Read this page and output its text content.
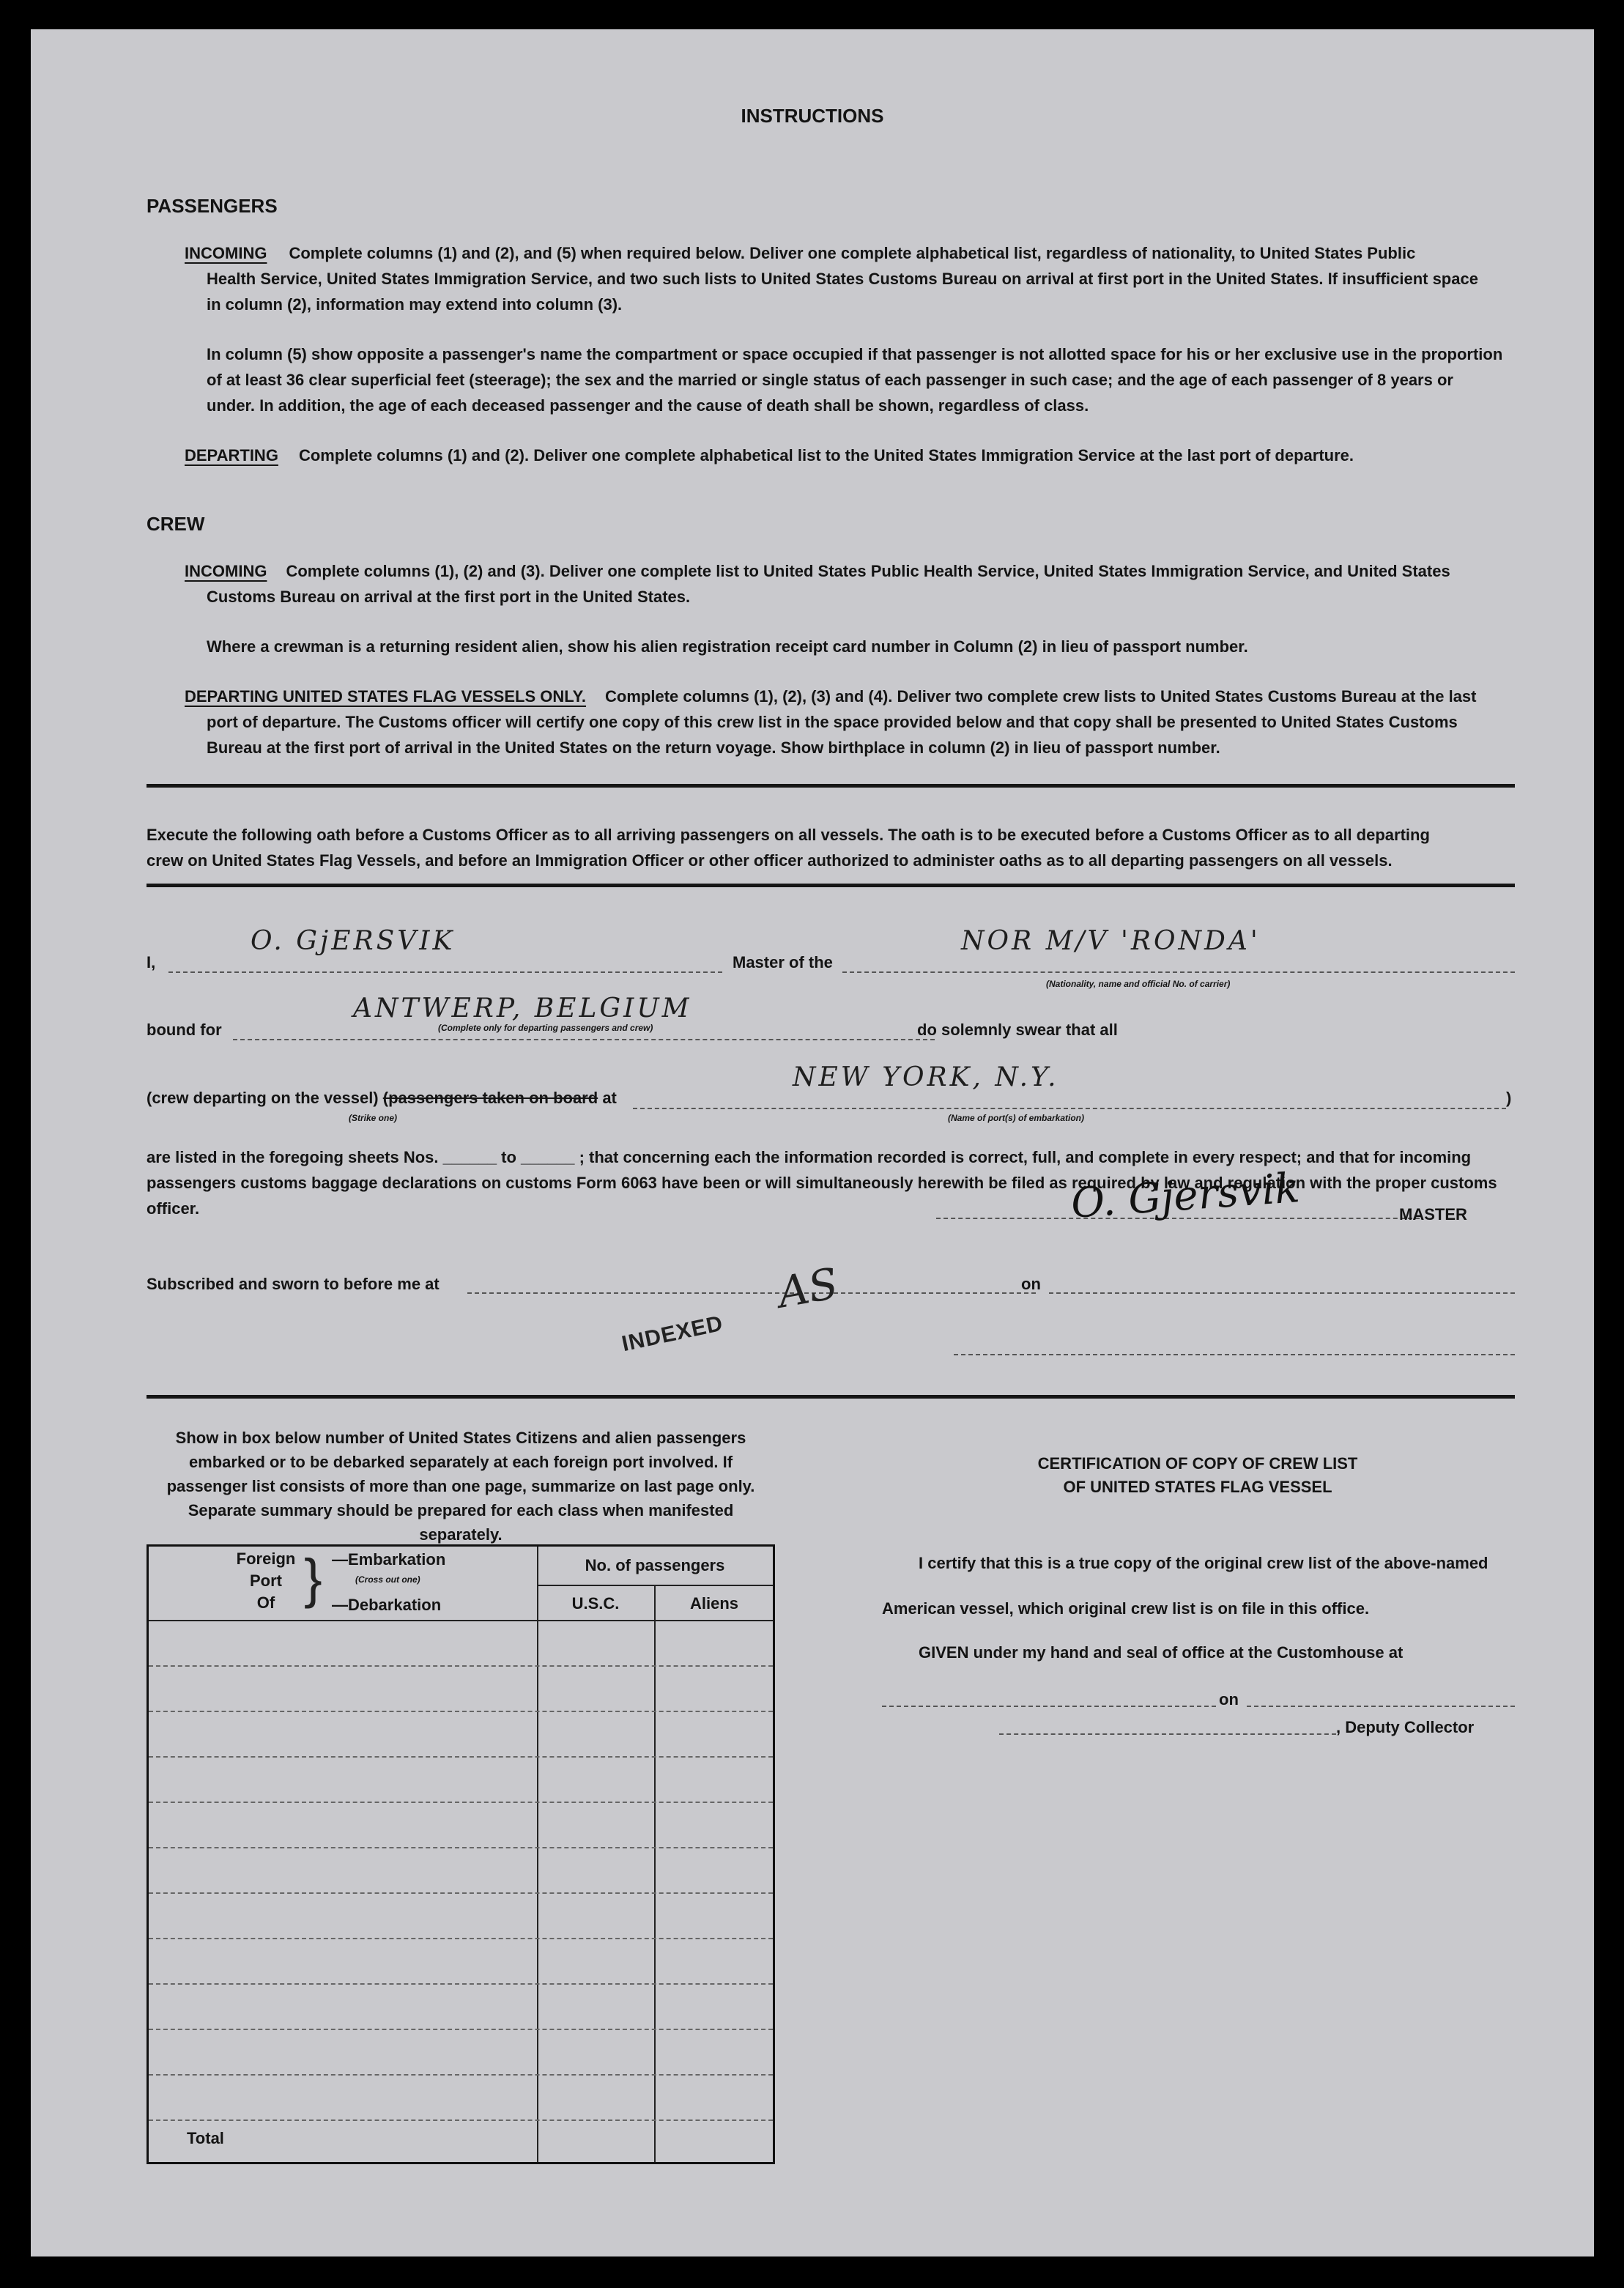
INSTRUCTIONS
PASSENGERS
INCOMING Complete columns (1) and (2), and (5) when required below. Deliver one complete alphabetical list, regardless of nationality, to United States Public
Health Service, United States Immigration Service, and two such lists to United States Customs Bureau on arrival at first port in the United States. If insufficient space
in column (2), information may extend into column (3).
In column (5) show opposite a passenger's name the compartment or space occupied if that passenger is not allotted space for his or her exclusive use in the proportion
of at least 36 clear superficial feet (steerage); the sex and the married or single status of each passenger in such case; and the age of each passenger of 8 years or
under. In addition, the age of each deceased passenger and the cause of death shall be shown, regardless of class.
DEPARTING Complete columns (1) and (2). Deliver one complete alphabetical list to the United States Immigration Service at the last port of departure.
CREW
INCOMING Complete columns (1), (2) and (3). Deliver one complete list to United States Public Health Service, United States Immigration Service, and United States
Customs Bureau on arrival at the first port in the United States.
Where a crewman is a returning resident alien, show his alien registration receipt card number in Column (2) in lieu of passport number.
DEPARTING UNITED STATES FLAG VESSELS ONLY. Complete columns (1), (2), (3) and (4). Deliver two complete crew lists to United States Customs Bureau at the last
port of departure. The Customs officer will certify one copy of this crew list in the space provided below and that copy shall be presented to United States Customs
Bureau at the first port of arrival in the United States on the return voyage. Show birthplace in column (2) in lieu of passport number.
Execute the following oath before a Customs Officer as to all arriving passengers on all vessels. The oath is to be executed before a Customs Officer as to all departing
crew on United States Flag Vessels, and before an Immigration Officer or other officer authorized to administer oaths as to all departing passengers on all vessels.
I,
O. GjERSVIK
Master of the
NOR M/V 'RONDA'
(Nationality, name and official No. of carrier)
bound for
ANTWERP, BELGIUM
(Complete only for departing passengers and crew)	do solemnly swear that all
(crew departing on the vessel) (passengers taken on board at
(Strike one)
NEW YORK, N.Y.
(Name of port(s) of embarkation)
)
are listed in the foregoing sheets Nos. ______ to ______ ; that concerning each the information recorded is correct, full, and complete in every respect; and that for incoming
passengers customs baggage declarations on customs Form 6063 have been or will simultaneously herewith be filed as required by law and regulation with the proper customs
officer.	O. Gjersvik	MASTER
Subscribed and sworn to before me at	on
INDEXED
AS
Show in box below number of United States Citizens and alien passengers
embarked or to be debarked separately at each foreign port involved. If
passenger list consists of more than one page, summarize on last page only.
Separate summary should be prepared for each class when manifested separately.
Foreign
Port
Of } —Embarkation
(Cross out one)
—Debarkation
No. of passengers
U.S.C.	Aliens
Total
CERTIFICATION OF COPY OF CREW LIST
OF UNITED STATES FLAG VESSEL
I certify that this is a true copy of the original crew list of the above-named
American vessel, which original crew list is on file in this office.
GIVEN under my hand and seal of office at the Customhouse at
on
, Deputy Collector
